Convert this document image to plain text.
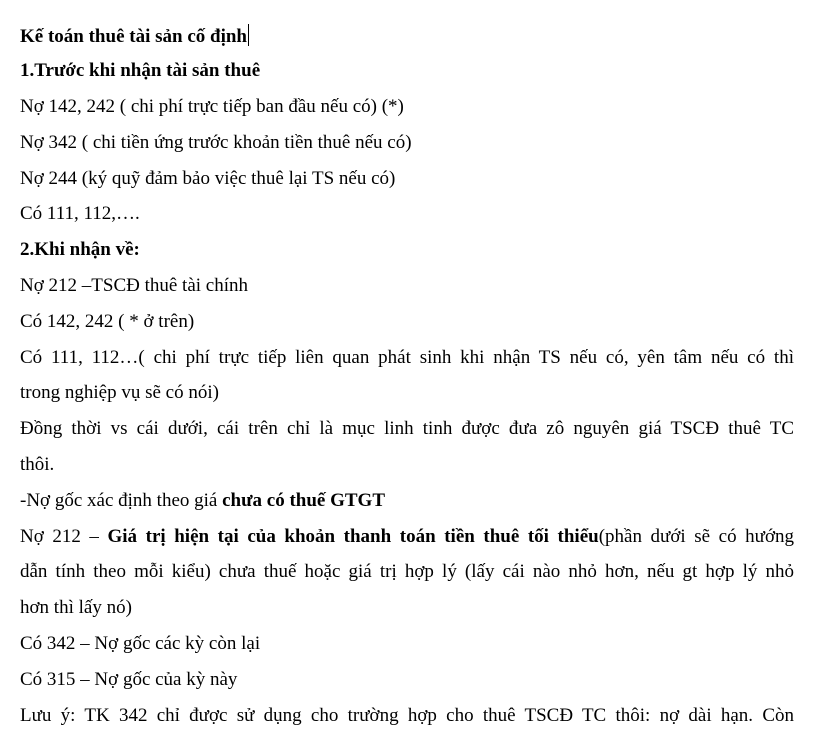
Kế toán thuê tài sản cố định
1.Trước khi nhận tài sản thuê
Nợ 142, 242 ( chi phí trực tiếp ban đầu nếu có) (*)
Nợ 342 ( chi tiền ứng trước khoản tiền thuê nếu có)
Nợ 244 (ký quỹ đảm bảo việc thuê lại TS nếu có)
Có 111, 112,….
2.Khi nhận về:
Nợ 212 –TSCĐ thuê tài chính
Có 142, 242 ( * ở trên)
Có 111, 112…( chi phí trực tiếp liên quan phát sinh khi nhận TS nếu có, yên tâm nếu có thì
trong nghiệp vụ sẽ có nói)
Đồng thời vs cái dưới, cái trên chỉ là mục linh tinh được đưa zô nguyên giá TSCĐ thuê TC
thôi.
-Nợ gốc xác định theo giá chưa có thuế GTGT
Nợ 212 – Giá trị hiện tại của khoản thanh toán tiền thuê tối thiểu(phần dưới sẽ có hướng
dẫn tính theo mỗi kiểu) chưa thuế hoặc giá trị hợp lý (lấy cái nào nhỏ hơn, nếu gt hợp lý nhỏ
hơn thì lấy nó)
Có 342 – Nợ gốc các kỳ còn lại
Có 315 – Nợ gốc của kỳ này
Lưu ý: TK 342 chỉ được sử dụng cho trường hợp cho thuê TSCĐ TC thôi: nợ dài hạn. Còn
